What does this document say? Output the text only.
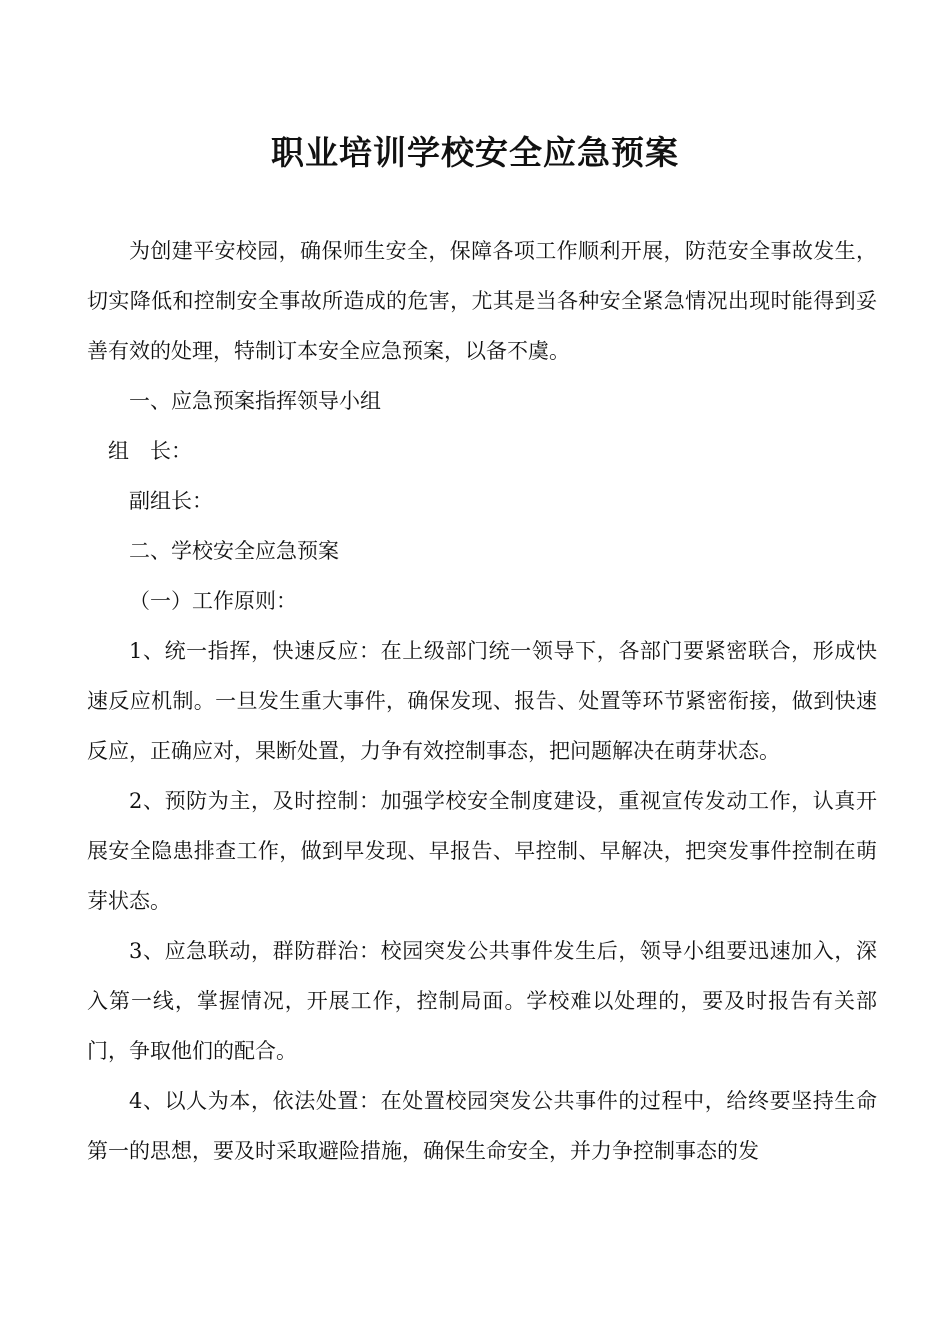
职业培训学校安全应急预案

为创建平安校园，确保师生安全，保障各项工作顺利开展，防范安全事故发生，切实降低和控制安全事故所造成的危害，尤其是当各种安全紧急情况出现时能得到妥善有效的处理，特制订本安全应急预案，以备不虞。

一、应急预案指挥领导小组

组　长：

副组长：

二、学校安全应急预案

（一）工作原则：

1、统一指挥，快速反应：在上级部门统一领导下，各部门要紧密联合，形成快速反应机制。一旦发生重大事件，确保发现、报告、处置等环节紧密衔接，做到快速反应，正确应对，果断处置，力争有效控制事态，把问题解决在萌芽状态。

2、预防为主，及时控制：加强学校安全制度建设，重视宣传发动工作，认真开展安全隐患排查工作，做到早发现、早报告、早控制、早解决，把突发事件控制在萌芽状态。

3、应急联动，群防群治：校园突发公共事件发生后，领导小组要迅速加入，深入第一线，掌握情况，开展工作，控制局面。学校难以处理的，要及时报告有关部门，争取他们的配合。

4、以人为本，依法处置：在处置校园突发公共事件的过程中，给终要坚持生命第一的思想，要及时采取避险措施，确保生命安全，并力争控制事态的发
